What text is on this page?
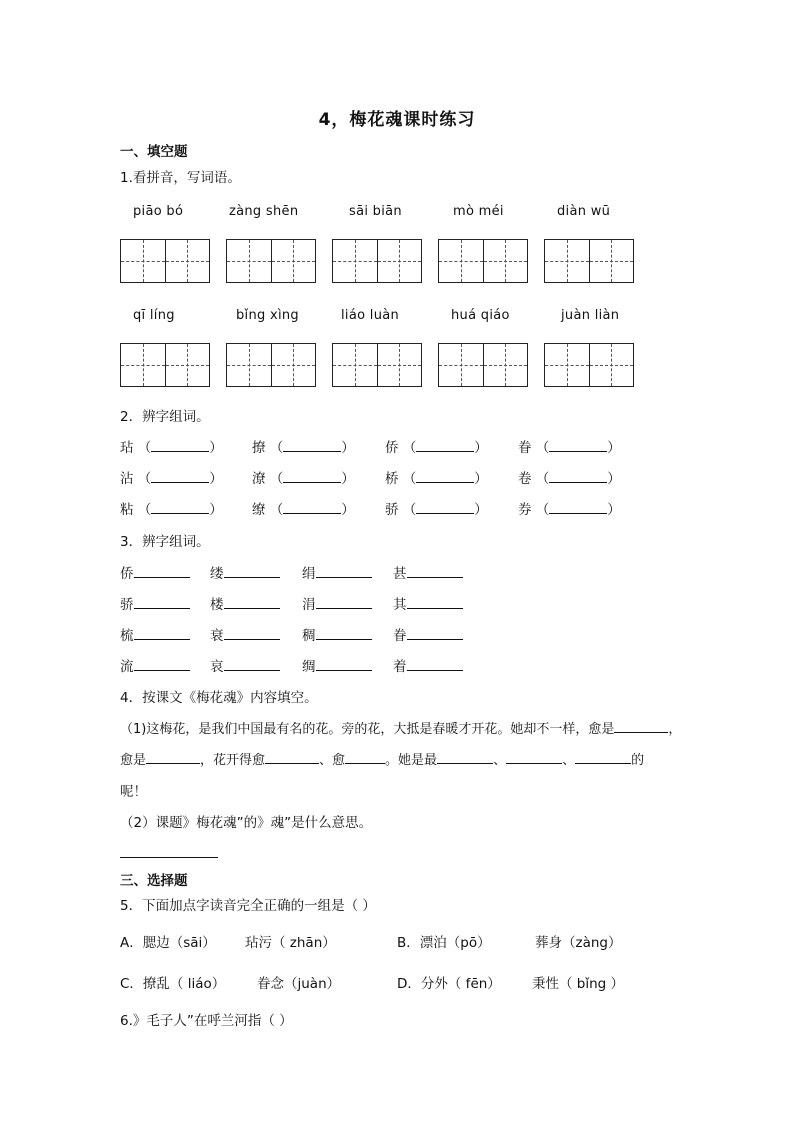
4，梅花魂课时练习
一、填空题
1.看拼音，写词语。
piāo bó	zàng shēn	sāi biān	mò méi	diàn wū
qī líng	bǐng xìng	liáo luàn	huá qiáo	juàn liàn
2．辨字组词。
玷 （	） 撩 （	） 侨 （	） 眷 （	）
沾 （	） 潦 （	） 桥 （	） 卷 （	）
粘 （	） 缭 （	） 骄 （	） 券 （	）
3．辨字组词。
侨	缕	绢	甚
骄	楼	涓	其
梳	衰	稠	眷
流	哀	绸	着
4．按课文《梅花魂》内容填空。
（1)这梅花，是我们中国最有名的花。旁的花，大抵是春暖才开花。她却不一样，愈是	，
愈是	，花开得愈	、愈	。她是最	、	、	的
呢！
（2）课题》梅花魂”的》魂”是什么意思。
三、选择题
5．下面加点字读音完全正确的一组是（ ）
A．腮边（sāi） 玷污（ zhān）	B．漂泊（pō）	葬身（zàng）
C．撩乱（ liáo） 眷念（juàn）	D．分外（ fēn） 秉性（ bǐng ）
6.》毛子人”在呼兰河指（ ）
